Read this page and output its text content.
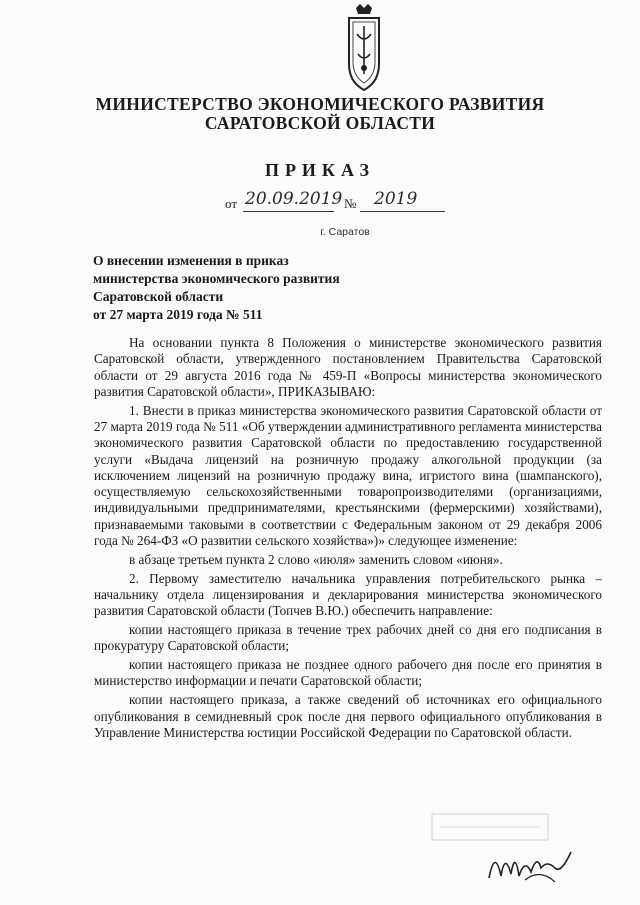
МИНИСТЕРСТВО ЭКОНОМИЧЕСКОГО РАЗВИТИЯ
САРАТОВСКОЙ ОБЛАСТИ
ПРИКАЗ
от 20.09.2019 № 2019
г. Саратов
О внесении изменения в приказ
министерства экономического развития
Саратовской области
от 27 марта 2019 года № 511

На основании пункта 8 Положения о министерстве экономического развития Саратовской области, утвержденного постановлением Правительства Саратовской области от 29 августа 2016 года № 459-П «Вопросы министерства экономического развития Саратовской области», ПРИКАЗЫВАЮ:

1. Внести в приказ министерства экономического развития Саратовской области от 27 марта 2019 года № 511 «Об утверждении административного регламента министерства экономического развития Саратовской области по предоставлению государственной услуги «Выдача лицензий на розничную продажу алкогольной продукции (за исключением лицензий на розничную продажу вина, игристого вина (шампанского), осуществляемую сельскохозяйственными товаропроизводителями (организациями, индивидуальными предпринимателями, крестьянскими (фермерскими) хозяйствами), признаваемыми таковыми в соответствии с Федеральным законом от 29 декабря 2006 года № 264-ФЗ «О развитии сельского хозяйства»)» следующее изменение:

в абзаце третьем пункта 2 слово «июля» заменить словом «июня».

2. Первому заместителю начальника управления потребительского рынка – начальнику отдела лицензирования и декларирования министерства экономического развития Саратовской области (Топчев В.Ю.) обеспечить направление:

копии настоящего приказа в течение трех рабочих дней со дня его подписания в прокуратуру Саратовской области;

копии настоящего приказа не позднее одного рабочего дня после его принятия в министерство информации и печати Саратовской области;

копии настоящего приказа, а также сведений об источниках его официального опубликования в семидневный срок после дня первого официального опубликования в Управление Министерства юстиции Российской Федерации по Саратовской области.
